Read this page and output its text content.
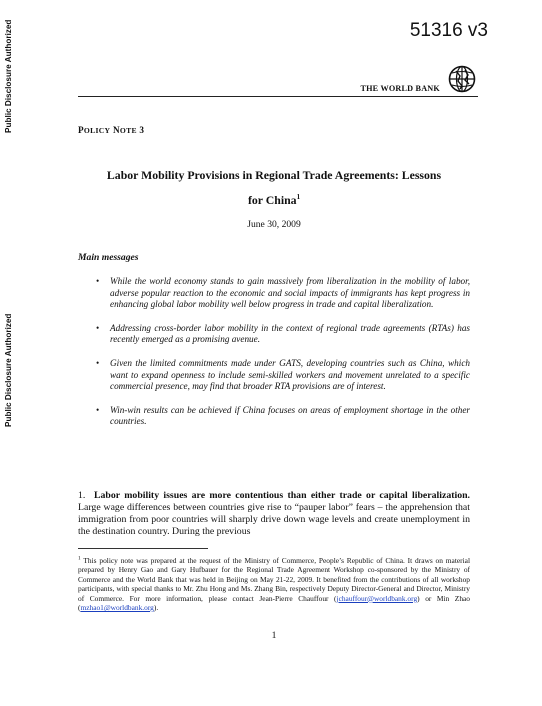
Public Disclosure Authorized
Public Disclosure Authorized
51316 v3
THE WORLD BANK
POLICY NOTE 3
Labor Mobility Provisions in Regional Trade Agreements: Lessons
for China$^1$
June 30, 2009
Main messages
• While the world economy stands to gain massively from liberalization in the mobility of labor, adverse popular reaction to the economic and social impacts of immigrants has kept progress in enhancing global labor mobility well below progress in trade and capital liberalization.
• Addressing cross-border labor mobility in the context of regional trade agreements (RTAs) has recently emerged as a promising avenue.
• Given the limited commitments made under GATS, developing countries such as China, which want to expand openness to include semi-skilled workers and movement unrelated to a specific commercial presence, may find that broader RTA provisions are of interest.
• Win-win results can be achieved if China focuses on areas of employment shortage in the other countries.
1. Labor mobility issues are more contentious than either trade or capital liberalization. Large wage differences between countries give rise to “pauper labor” fears – the apprehension that immigration from poor countries will sharply drive down wage levels and create unemployment in the destination country. During the previous
$^1$ This policy note was prepared at the request of the Ministry of Commerce, People’s Republic of China. It draws on material prepared by Henry Gao and Gary Hufbauer for the Regional Trade Agreement Workshop co-sponsored by the Ministry of Commerce and the World Bank that was held in Beijing on May 21-22, 2009. It benefited from the contributions of all workshop participants, with special thanks to Mr. Zhu Hong and Ms. Zhang Bin, respectively Deputy Director-General and Director, Ministry of Commerce. For more information, please contact Jean-Pierre Chauffour (jchauffour@worldbank.org) or Min Zhao (mzhao1@worldbank.org).
1
